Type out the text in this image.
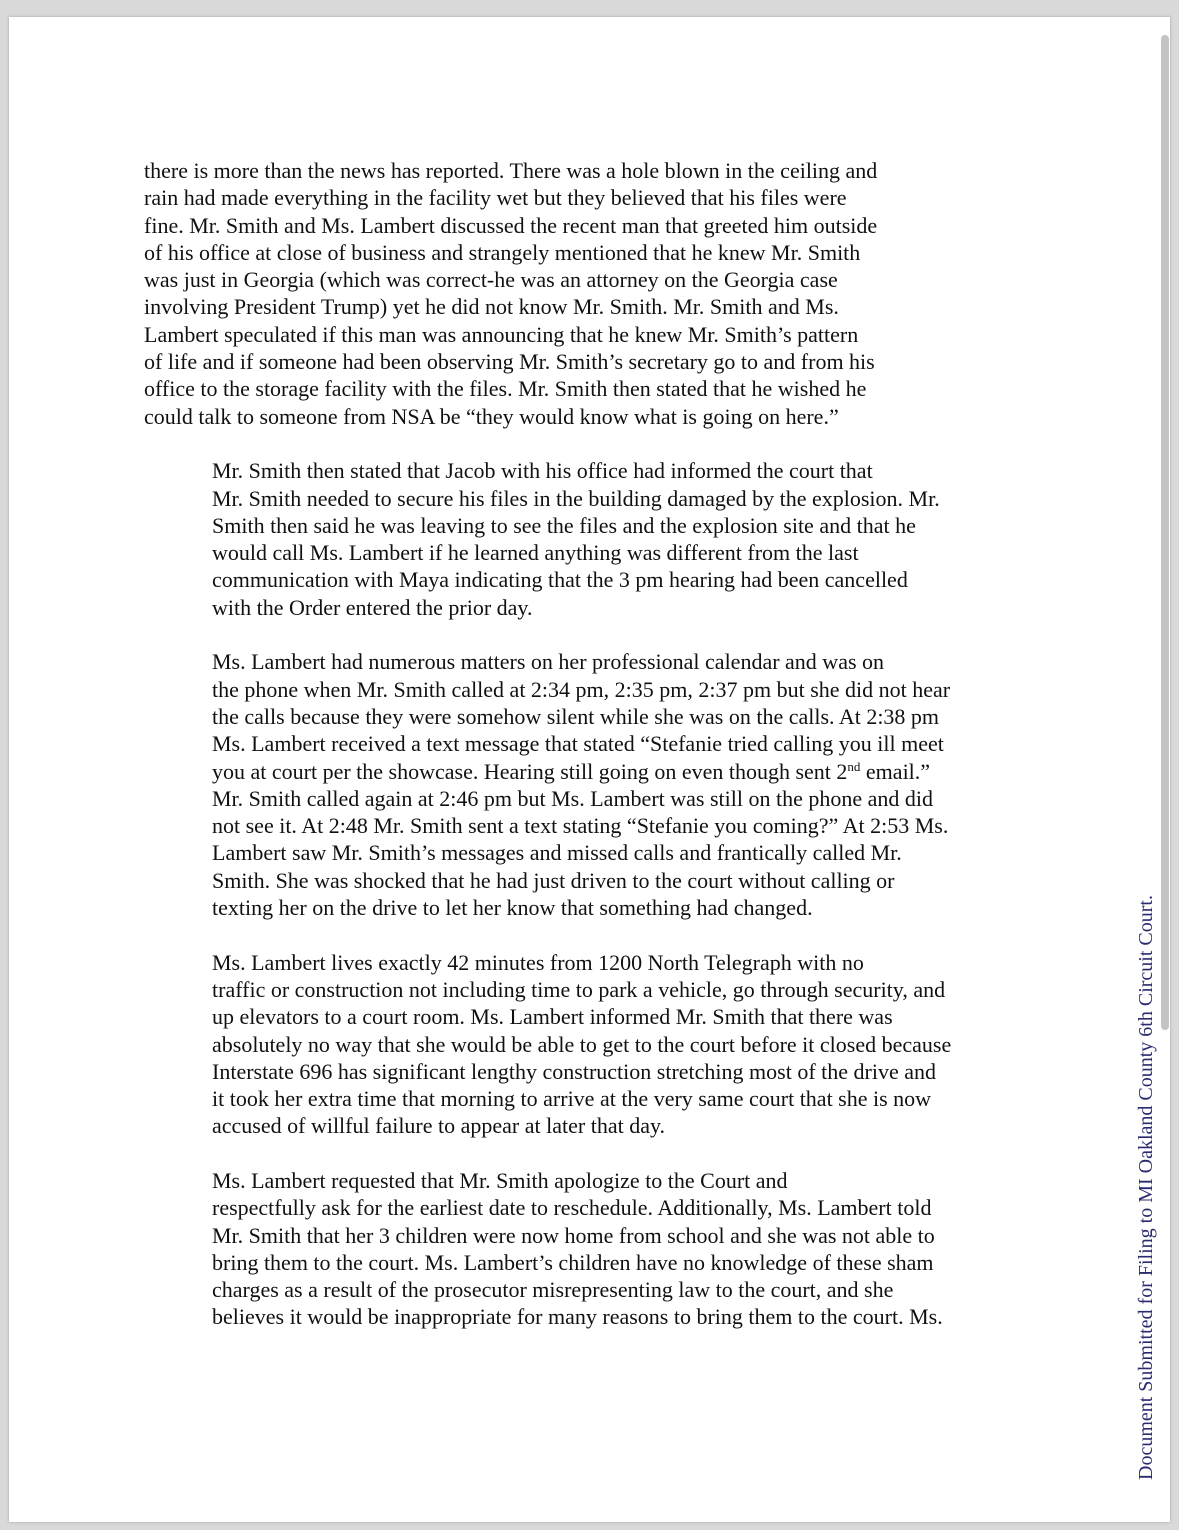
there is more than the news has reported. There was a hole blown in the ceiling and
rain had made everything in the facility wet but they believed that his files were
fine. Mr. Smith and Ms. Lambert discussed the recent man that greeted him outside
of his office at close of business and strangely mentioned that he knew Mr. Smith
was just in Georgia (which was correct-he was an attorney on the Georgia case
involving President Trump) yet he did not know Mr. Smith. Mr. Smith and Ms.
Lambert speculated if this man was announcing that he knew Mr. Smith’s pattern
of life and if someone had been observing Mr. Smith’s secretary go to and from his
office to the storage facility with the files. Mr. Smith then stated that he wished he
could talk to someone from NSA be “they would know what is going on here.”

Mr. Smith then stated that Jacob with his office had informed the court that
Mr. Smith needed to secure his files in the building damaged by the explosion. Mr.
Smith then said he was leaving to see the files and the explosion site and that he
would call Ms. Lambert if he learned anything was different from the last
communication with Maya indicating that the 3 pm hearing had been cancelled
with the Order entered the prior day.

Ms. Lambert had numerous matters on her professional calendar and was on
the phone when Mr. Smith called at 2:34 pm, 2:35 pm, 2:37 pm but she did not hear
the calls because they were somehow silent while she was on the calls. At 2:38 pm
Ms. Lambert received a text message that stated “Stefanie tried calling you ill meet
you at court per the showcase. Hearing still going on even though sent 2nd email.”
Mr. Smith called again at 2:46 pm but Ms. Lambert was still on the phone and did
not see it. At 2:48 Mr. Smith sent a text stating “Stefanie you coming?” At 2:53 Ms.
Lambert saw Mr. Smith’s messages and missed calls and frantically called Mr.
Smith. She was shocked that he had just driven to the court without calling or
texting her on the drive to let her know that something had changed.

Ms. Lambert lives exactly 42 minutes from 1200 North Telegraph with no
traffic or construction not including time to park a vehicle, go through security, and
up elevators to a court room. Ms. Lambert informed Mr. Smith that there was
absolutely no way that she would be able to get to the court before it closed because
Interstate 696 has significant lengthy construction stretching most of the drive and
it took her extra time that morning to arrive at the very same court that she is now
accused of willful failure to appear at later that day.

Ms. Lambert requested that Mr. Smith apologize to the Court and
respectfully ask for the earliest date to reschedule. Additionally, Ms. Lambert told
Mr. Smith that her 3 children were now home from school and she was not able to
bring them to the court. Ms. Lambert’s children have no knowledge of these sham
charges as a result of the prosecutor misrepresenting law to the court, and she
believes it would be inappropriate for many reasons to bring them to the court. Ms.	Document Submitted for Filing to MI Oakland County 6th Circuit Court.
